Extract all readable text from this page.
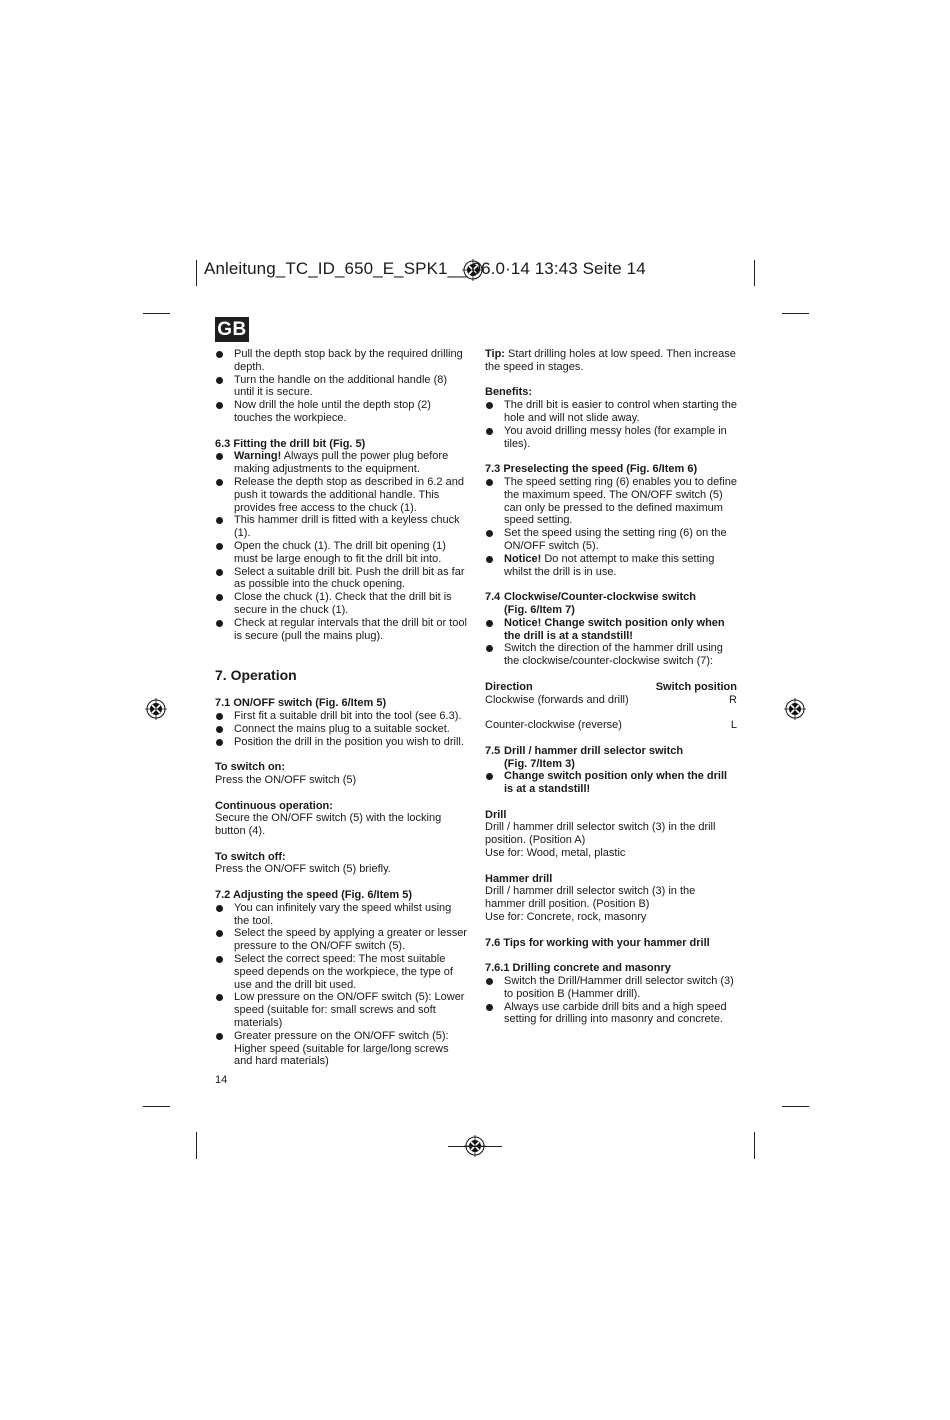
Anleitung_TC_ID_650_E_SPK1__ 06.0·14 13:43 Seite 14
GB
Pull the depth stop back by the required drilling depth.
Turn the handle on the additional handle (8) until it is secure.
Now drill the hole until the depth stop (2) touches the workpiece.

6.3 Fitting the drill bit (Fig. 5)

Warning! Always pull the power plug before making adjustments to the equipment.
Release the depth stop as described in 6.2 and push it towards the additional handle. This provides free access to the chuck (1).
This hammer drill is fitted with a keyless chuck (1).
Open the chuck (1). The drill bit opening (1) must be large enough to fit the drill bit into.
Select a suitable drill bit. Push the drill bit as far as possible into the chuck opening.
Close the chuck (1). Check that the drill bit is secure in the chuck (1).
Check at regular intervals that the drill bit or tool is secure (pull the mains plug).

7. Operation

7.1 ON/OFF switch (Fig. 6/Item 5)

First fit a suitable drill bit into the tool (see 6.3).
Connect the mains plug to a suitable socket.
Position the drill in the position you wish to drill.

To switch on:

Press the ON/OFF switch (5)

Continuous operation:

Secure the ON/OFF switch (5) with the locking button (4).

To switch off:

Press the ON/OFF switch (5) briefly.

7.2 Adjusting the speed (Fig. 6/Item 5)

You can infinitely vary the speed whilst using the tool.
Select the speed by applying a greater or lesser pressure to the ON/OFF switch (5).
Select the correct speed: The most suitable speed depends on the workpiece, the type of use and the drill bit used.
Low pressure on the ON/OFF switch (5): Lower speed (suitable for: small screws and soft materials)
Greater pressure on the ON/OFF switch (5): Higher speed (suitable for large/long screws and hard materials)
14

Tip: Start drilling holes at low speed. Then increase the speed in stages.

Benefits:

The drill bit is easier to control when starting the hole and will not slide away.
You avoid drilling messy holes (for example in tiles).

7.3 Preselecting the speed (Fig. 6/Item 6)

The speed setting ring (6) enables you to define the maximum speed. The ON/OFF switch (5) can only be pressed to the defined maximum speed setting.
Set the speed using the setting ring (6) on the ON/OFF switch (5).
Notice! Do not attempt to make this setting whilst the drill is in use.
7.4 Clockwise/Counter-clockwise switch

(Fig. 6/Item 7)

Notice! Change switch position only when the drill is at a standstill!
Switch the direction of the hammer drill using the clockwise/counter-clockwise switch (7):
Direction	Switch position
Clockwise (forwards and drill)	R
Counter-clockwise (reverse)	L
7.5 Drill / hammer drill selector switch

(Fig. 7/Item 3)

Change switch position only when the drill is at a standstill!

Drill

Drill / hammer drill selector switch (3) in the drill position. (Position A)

Use for: Wood, metal, plastic

Hammer drill

Drill / hammer drill selector switch (3) in the hammer drill position. (Position B)

Use for: Concrete, rock, masonry

7.6 Tips for working with your hammer drill

7.6.1 Drilling concrete and masonry

Switch the Drill/Hammer drill selector switch (3) to position B (Hammer drill).
Always use carbide drill bits and a high speed setting for drilling into masonry and concrete.
